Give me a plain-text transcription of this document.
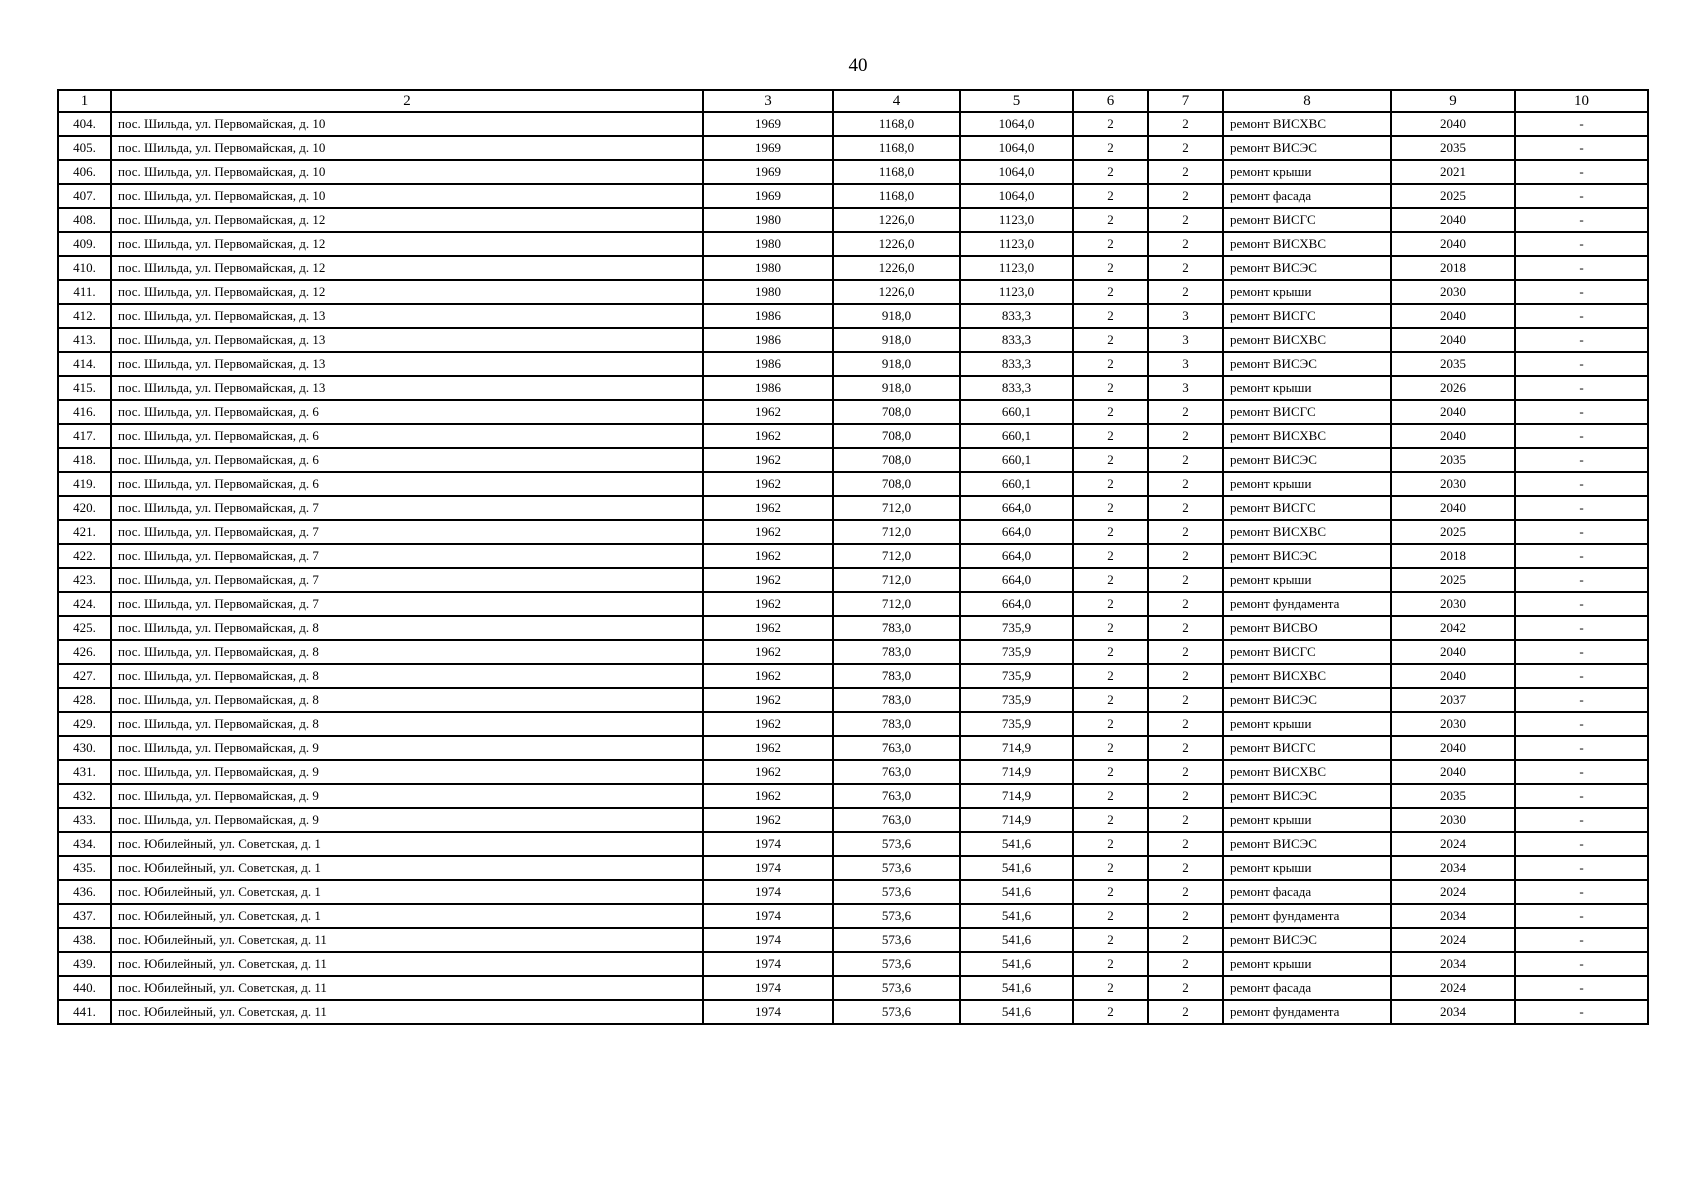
40
1	2	3	4	5	6	7	8	9	10
404.	пос. Шильда, ул. Первомайская, д. 10	1969	1168,0	1064,0	2	2	ремонт ВИСХВС	2040	-
405.	пос. Шильда, ул. Первомайская, д. 10	1969	1168,0	1064,0	2	2	ремонт ВИСЭС	2035	-
406.	пос. Шильда, ул. Первомайская, д. 10	1969	1168,0	1064,0	2	2	ремонт крыши	2021	-
407.	пос. Шильда, ул. Первомайская, д. 10	1969	1168,0	1064,0	2	2	ремонт фасада	2025	-
408.	пос. Шильда, ул. Первомайская, д. 12	1980	1226,0	1123,0	2	2	ремонт ВИСГС	2040	-
409.	пос. Шильда, ул. Первомайская, д. 12	1980	1226,0	1123,0	2	2	ремонт ВИСХВС	2040	-
410.	пос. Шильда, ул. Первомайская, д. 12	1980	1226,0	1123,0	2	2	ремонт ВИСЭС	2018	-
411.	пос. Шильда, ул. Первомайская, д. 12	1980	1226,0	1123,0	2	2	ремонт крыши	2030	-
412.	пос. Шильда, ул. Первомайская, д. 13	1986	918,0	833,3	2	3	ремонт ВИСГС	2040	-
413.	пос. Шильда, ул. Первомайская, д. 13	1986	918,0	833,3	2	3	ремонт ВИСХВС	2040	-
414.	пос. Шильда, ул. Первомайская, д. 13	1986	918,0	833,3	2	3	ремонт ВИСЭС	2035	-
415.	пос. Шильда, ул. Первомайская, д. 13	1986	918,0	833,3	2	3	ремонт крыши	2026	-
416.	пос. Шильда, ул. Первомайская, д. 6	1962	708,0	660,1	2	2	ремонт ВИСГС	2040	-
417.	пос. Шильда, ул. Первомайская, д. 6	1962	708,0	660,1	2	2	ремонт ВИСХВС	2040	-
418.	пос. Шильда, ул. Первомайская, д. 6	1962	708,0	660,1	2	2	ремонт ВИСЭС	2035	-
419.	пос. Шильда, ул. Первомайская, д. 6	1962	708,0	660,1	2	2	ремонт крыши	2030	-
420.	пос. Шильда, ул. Первомайская, д. 7	1962	712,0	664,0	2	2	ремонт ВИСГС	2040	-
421.	пос. Шильда, ул. Первомайская, д. 7	1962	712,0	664,0	2	2	ремонт ВИСХВС	2025	-
422.	пос. Шильда, ул. Первомайская, д. 7	1962	712,0	664,0	2	2	ремонт ВИСЭС	2018	-
423.	пос. Шильда, ул. Первомайская, д. 7	1962	712,0	664,0	2	2	ремонт крыши	2025	-
424.	пос. Шильда, ул. Первомайская, д. 7	1962	712,0	664,0	2	2	ремонт фундамента	2030	-
425.	пос. Шильда, ул. Первомайская, д. 8	1962	783,0	735,9	2	2	ремонт ВИСВО	2042	-
426.	пос. Шильда, ул. Первомайская, д. 8	1962	783,0	735,9	2	2	ремонт ВИСГС	2040	-
427.	пос. Шильда, ул. Первомайская, д. 8	1962	783,0	735,9	2	2	ремонт ВИСХВС	2040	-
428.	пос. Шильда, ул. Первомайская, д. 8	1962	783,0	735,9	2	2	ремонт ВИСЭС	2037	-
429.	пос. Шильда, ул. Первомайская, д. 8	1962	783,0	735,9	2	2	ремонт крыши	2030	-
430.	пос. Шильда, ул. Первомайская, д. 9	1962	763,0	714,9	2	2	ремонт ВИСГС	2040	-
431.	пос. Шильда, ул. Первомайская, д. 9	1962	763,0	714,9	2	2	ремонт ВИСХВС	2040	-
432.	пос. Шильда, ул. Первомайская, д. 9	1962	763,0	714,9	2	2	ремонт ВИСЭС	2035	-
433.	пос. Шильда, ул. Первомайская, д. 9	1962	763,0	714,9	2	2	ремонт крыши	2030	-
434.	пос. Юбилейный, ул. Советская, д. 1	1974	573,6	541,6	2	2	ремонт ВИСЭС	2024	-
435.	пос. Юбилейный, ул. Советская, д. 1	1974	573,6	541,6	2	2	ремонт крыши	2034	-
436.	пос. Юбилейный, ул. Советская, д. 1	1974	573,6	541,6	2	2	ремонт фасада	2024	-
437.	пос. Юбилейный, ул. Советская, д. 1	1974	573,6	541,6	2	2	ремонт фундамента	2034	-
438.	пос. Юбилейный, ул. Советская, д. 11	1974	573,6	541,6	2	2	ремонт ВИСЭС	2024	-
439.	пос. Юбилейный, ул. Советская, д. 11	1974	573,6	541,6	2	2	ремонт крыши	2034	-
440.	пос. Юбилейный, ул. Советская, д. 11	1974	573,6	541,6	2	2	ремонт фасада	2024	-
441.	пос. Юбилейный, ул. Советская, д. 11	1974	573,6	541,6	2	2	ремонт фундамента	2034	-
